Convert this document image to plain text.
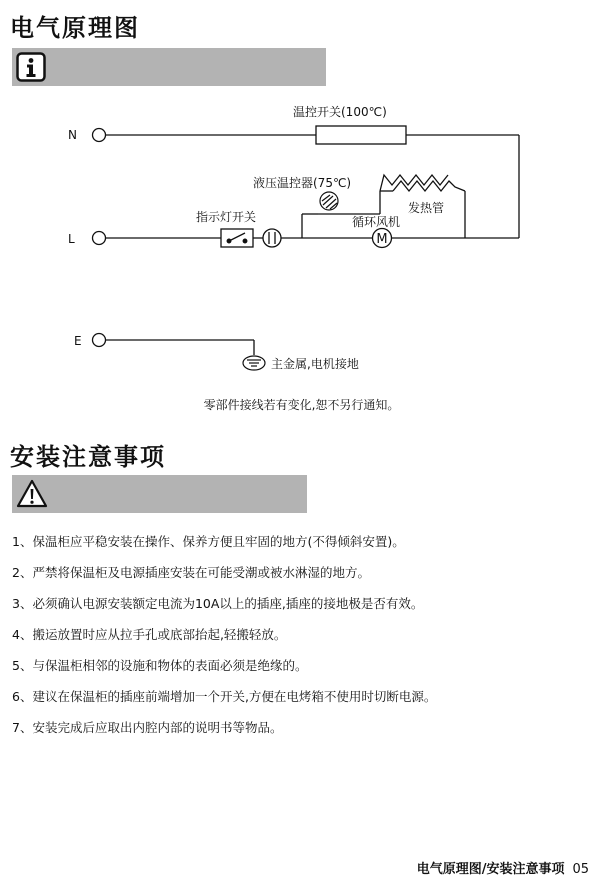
电气原理图
M
N
L
E
温控开关(100℃)
液压温控器(75℃)
发热管
指示灯开关	循环风机
主金属,电机接地
零部件接线若有变化,恕不另行通知。
安装注意事项
1、保温柜应平稳安装在操作、保养方便且牢固的地方(不得倾斜安置)。
2、严禁将保温柜及电源插座安装在可能受潮或被水淋湿的地方。
3、必须确认电源安装额定电流为10A以上的插座,插座的接地极是否有效。
4、搬运放置时应从拉手孔或底部抬起,轻搬轻放。
5、与保温柜相邻的设施和物体的表面必须是绝缘的。
6、建议在保温柜的插座前端增加一个开关,方便在电烤箱不使用时切断电源。
7、安装完成后应取出内腔内部的说明书等物品。
电气原理图/安装注意事项 05
